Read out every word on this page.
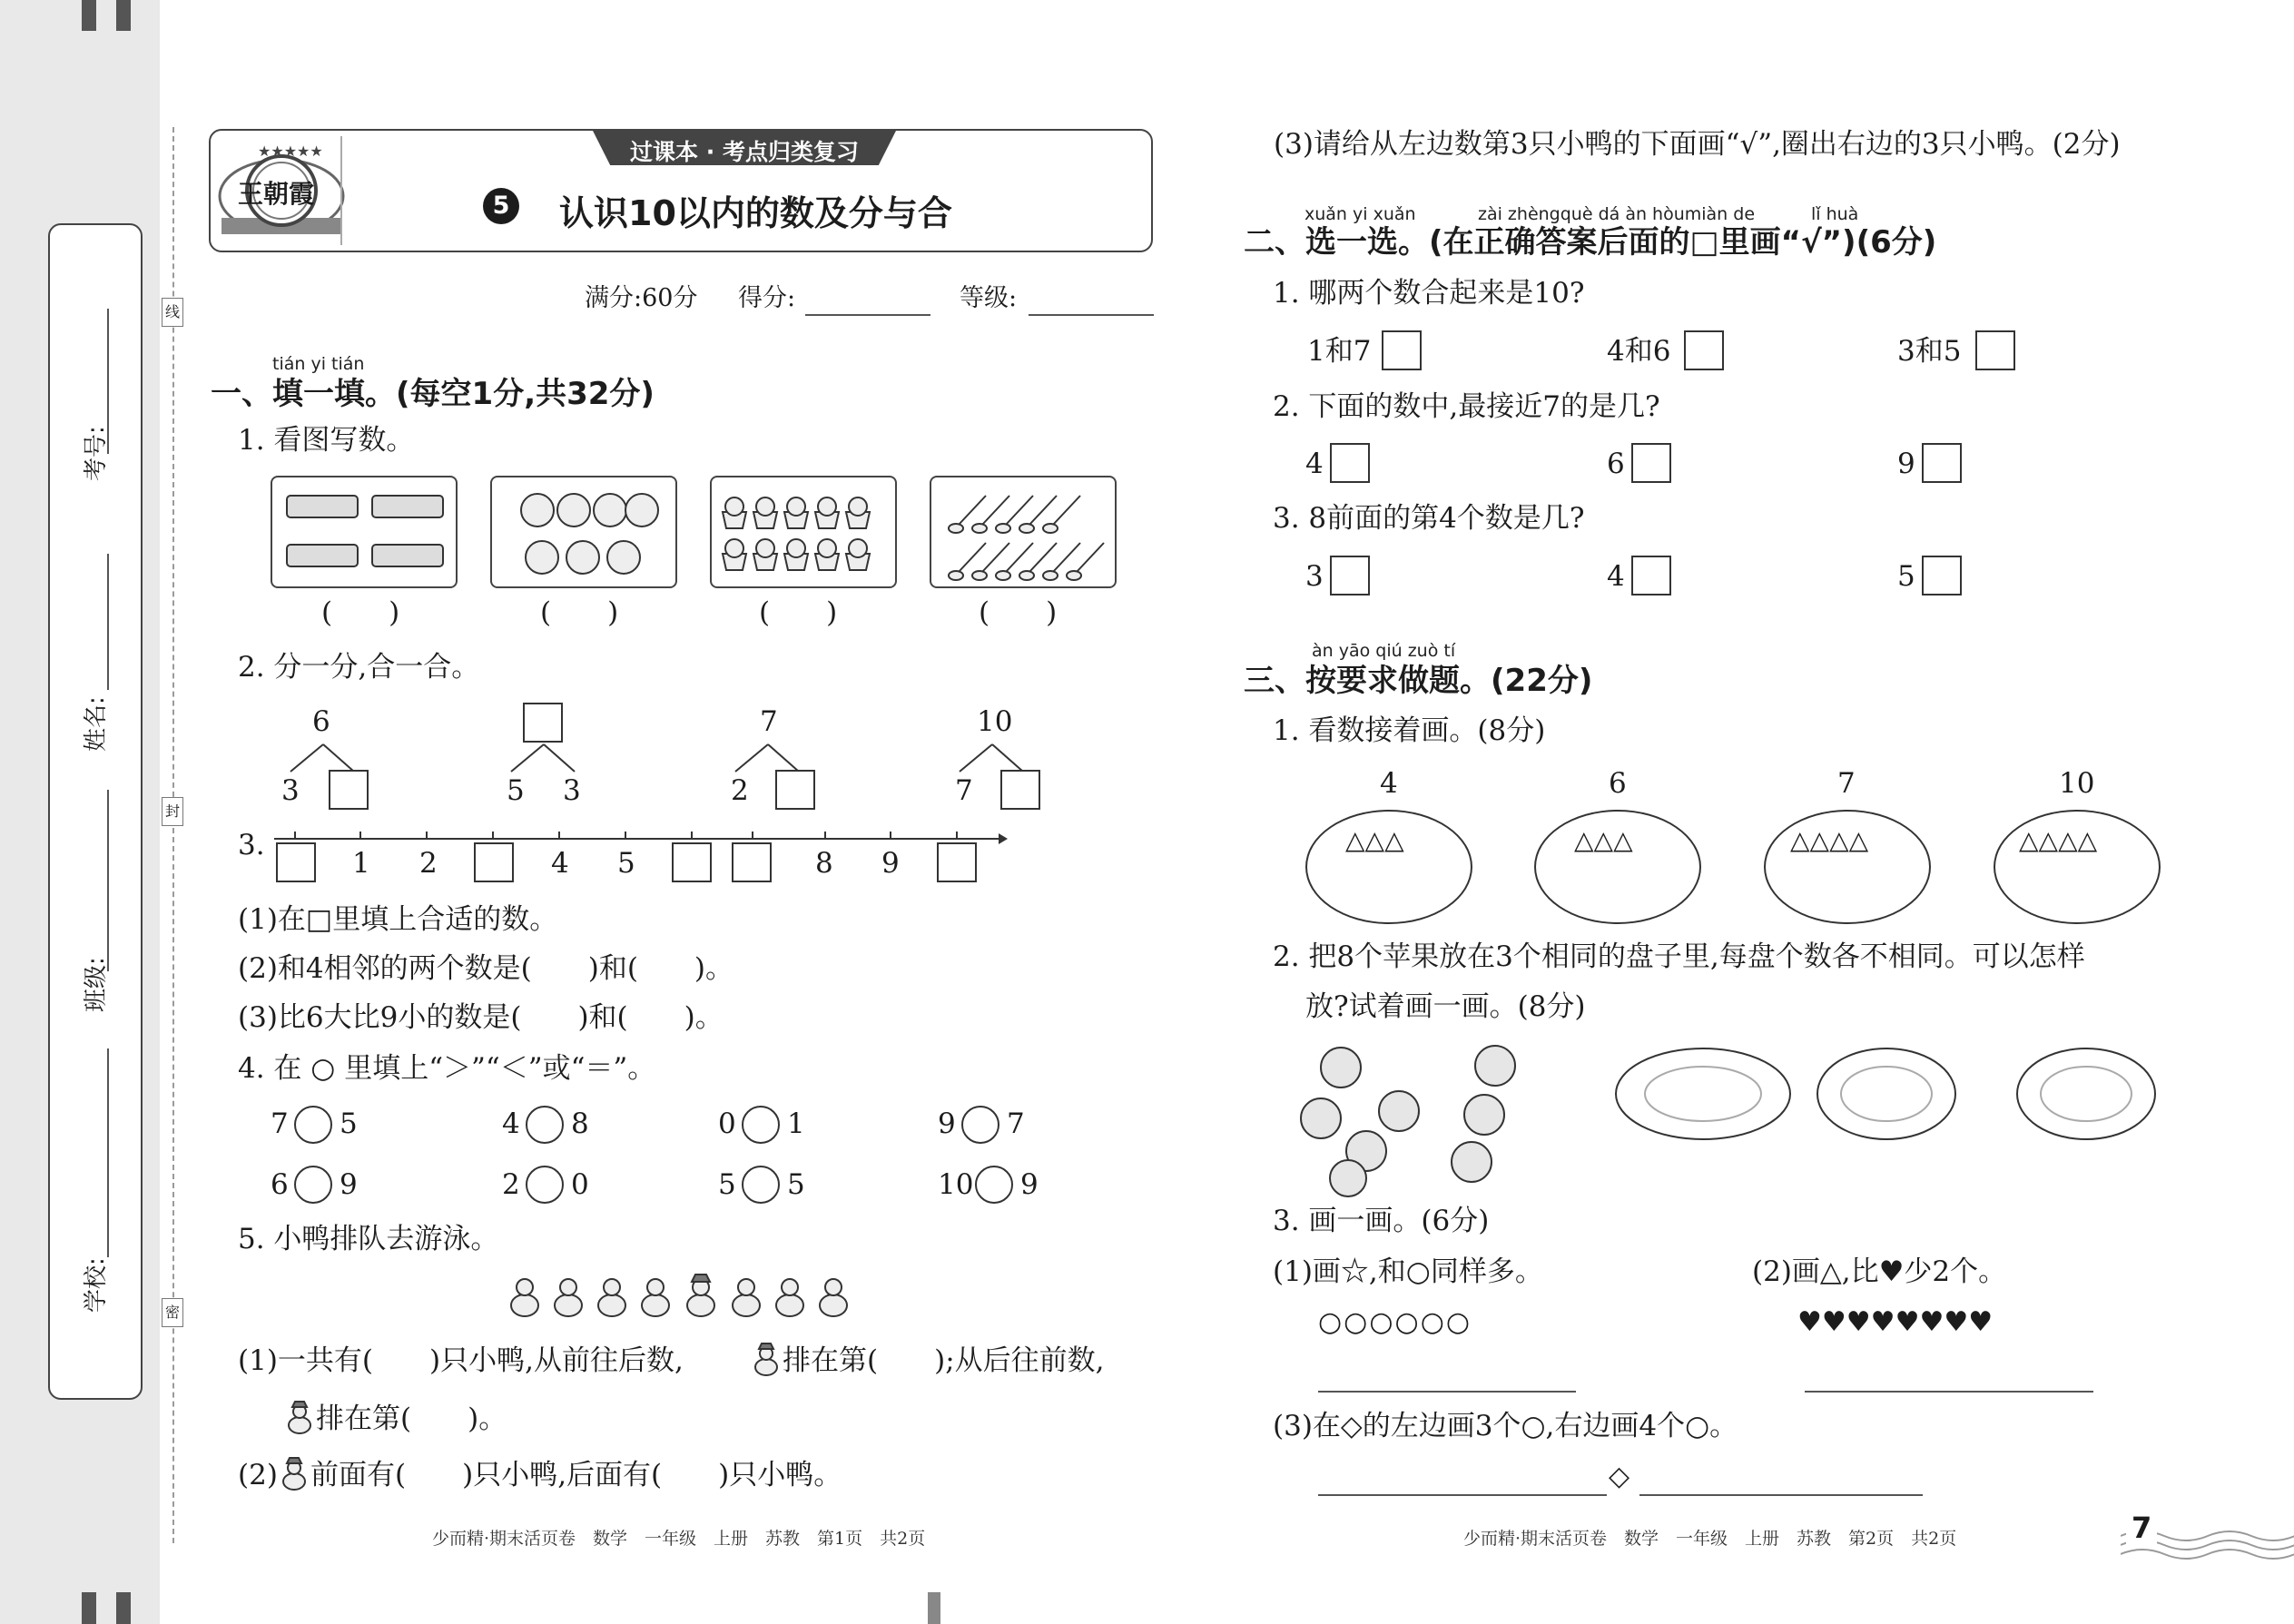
考号:
姓名:
班级:
学校:
线
封
密
★★★★★
王朝霞
过课本 · 考点归类复习
5 认识10以内的数及分与合
满分:60分 得分:	等级:
tián yi tián
一、填一填。(每空1分,共32分)
1. 看图写数。
(　　)	(　　)	(　　)	(　　)
2. 分一分,合一合。
6
3	5 3
7
2
10
7
3.
1 2	4 5	8 9
(1)在□里填上合适的数。
(2)和4相邻的两个数是(　　)和(　　)。
(3)比6大比9小的数是(　　)和(　　)。
4. 在 ○ 里填上“＞”“＜”或“＝”。
7 5	4 8	0 1	9 7
6 9	2 0	5 5	10 9
5. 小鸭排队去游泳。
(1)一共有(　　)只小鸭,从前往后数,	排在第(　　);从后往前数,
排在第(　　)。
(2) 前面有(　　)只小鸭,后面有(　　)只小鸭。
少而精·期末活页卷　数学　一年级　上册　苏教　第1页　共2页
(3)请给从左边数第3只小鸭的下面画“√”,圈出右边的3只小鸭。(2分)
xuǎn yi xuǎn	zài zhèngquè dá àn hòumiàn de	lǐ huà
二、选一选。(在正确答案后面的□里画“√”)(6分)
1. 哪两个数合起来是10?
1和7	4和6	3和5
2. 下面的数中,最接近7的是几?
4	6	9
3. 8前面的第4个数是几?
3	4	5
àn yāo qiú zuò tí
三、按要求做题。(22分)
1. 看数接着画。(8分)
4
△△△
6
△△△
7
△△△△
10
△△△△
2. 把8个苹果放在3个相同的盘子里,每盘个数各不相同。可以怎样
放?试着画一画。(8分)
3. 画一画。(6分)
(1)画☆,和○同样多。
○○○○○○
(2)画△,比♥少2个。
♥♥♥♥♥♥♥♥
(3)在◇的左边画3个○,右边画4个○。
◇
少而精·期末活页卷　数学　一年级　上册　苏教　第2页　共2页	7
